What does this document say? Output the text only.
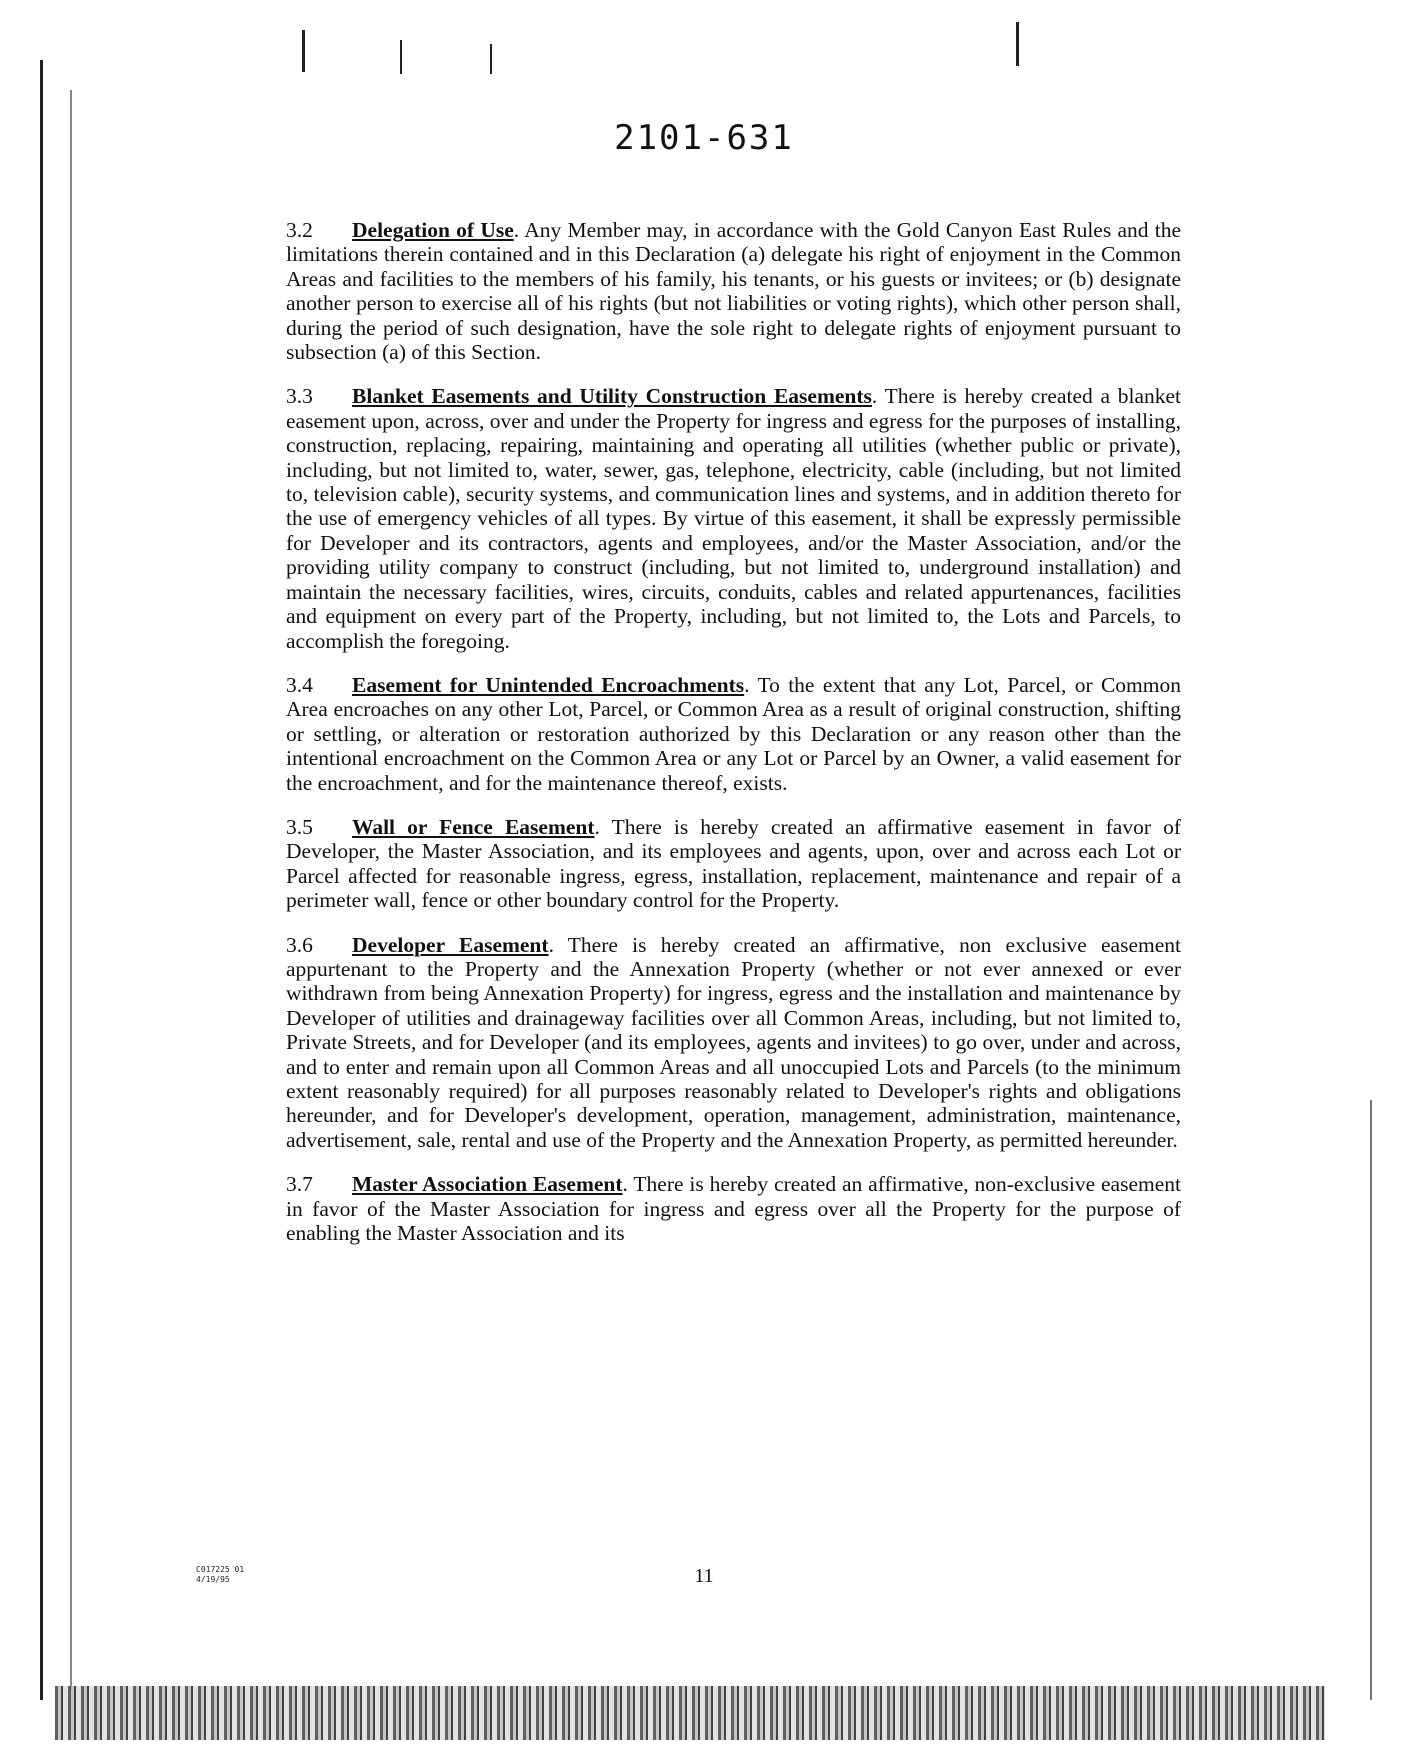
2101-631

3.2 Delegation of Use. Any Member may, in accordance with the Gold Canyon East Rules and the limitations therein contained and in this Declaration (a) delegate his right of enjoyment in the Common Areas and facilities to the members of his family, his tenants, or his guests or invitees; or (b) designate another person to exercise all of his rights (but not liabilities or voting rights), which other person shall, during the period of such designation, have the sole right to delegate rights of enjoyment pursuant to subsection (a) of this Section.

3.3 Blanket Easements and Utility Construction Easements. There is hereby created a blanket easement upon, across, over and under the Property for ingress and egress for the purposes of installing, construction, replacing, repairing, maintaining and operating all utilities (whether public or private), including, but not limited to, water, sewer, gas, telephone, electricity, cable (including, but not limited to, television cable), security systems, and communication lines and systems, and in addition thereto for the use of emergency vehicles of all types. By virtue of this easement, it shall be expressly permissible for Developer and its contractors, agents and employees, and/or the Master Association, and/or the providing utility company to construct (including, but not limited to, underground installation) and maintain the necessary facilities, wires, circuits, conduits, cables and related appurtenances, facilities and equipment on every part of the Property, including, but not limited to, the Lots and Parcels, to accomplish the foregoing.

3.4 Easement for Unintended Encroachments. To the extent that any Lot, Parcel, or Common Area encroaches on any other Lot, Parcel, or Common Area as a result of original construction, shifting or settling, or alteration or restoration authorized by this Declaration or any reason other than the intentional encroachment on the Common Area or any Lot or Parcel by an Owner, a valid easement for the encroachment, and for the maintenance thereof, exists.

3.5 Wall or Fence Easement. There is hereby created an affirmative easement in favor of Developer, the Master Association, and its employees and agents, upon, over and across each Lot or Parcel affected for reasonable ingress, egress, installation, replacement, maintenance and repair of a perimeter wall, fence or other boundary control for the Property.

3.6 Developer Easement. There is hereby created an affirmative, non exclusive easement appurtenant to the Property and the Annexation Property (whether or not ever annexed or ever withdrawn from being Annexation Property) for ingress, egress and the installation and maintenance by Developer of utilities and drainageway facilities over all Common Areas, including, but not limited to, Private Streets, and for Developer (and its employees, agents and invitees) to go over, under and across, and to enter and remain upon all Common Areas and all unoccupied Lots and Parcels (to the minimum extent reasonably required) for all purposes reasonably related to Developer's rights and obligations hereunder, and for Developer's development, operation, management, administration, maintenance, advertisement, sale, rental and use of the Property and the Annexation Property, as permitted hereunder.

3.7 Master Association Easement. There is hereby created an affirmative, non-exclusive easement in favor of the Master Association for ingress and egress over all the Property for the purpose of enabling the Master Association and its

C017225 01
4/19/95	11
